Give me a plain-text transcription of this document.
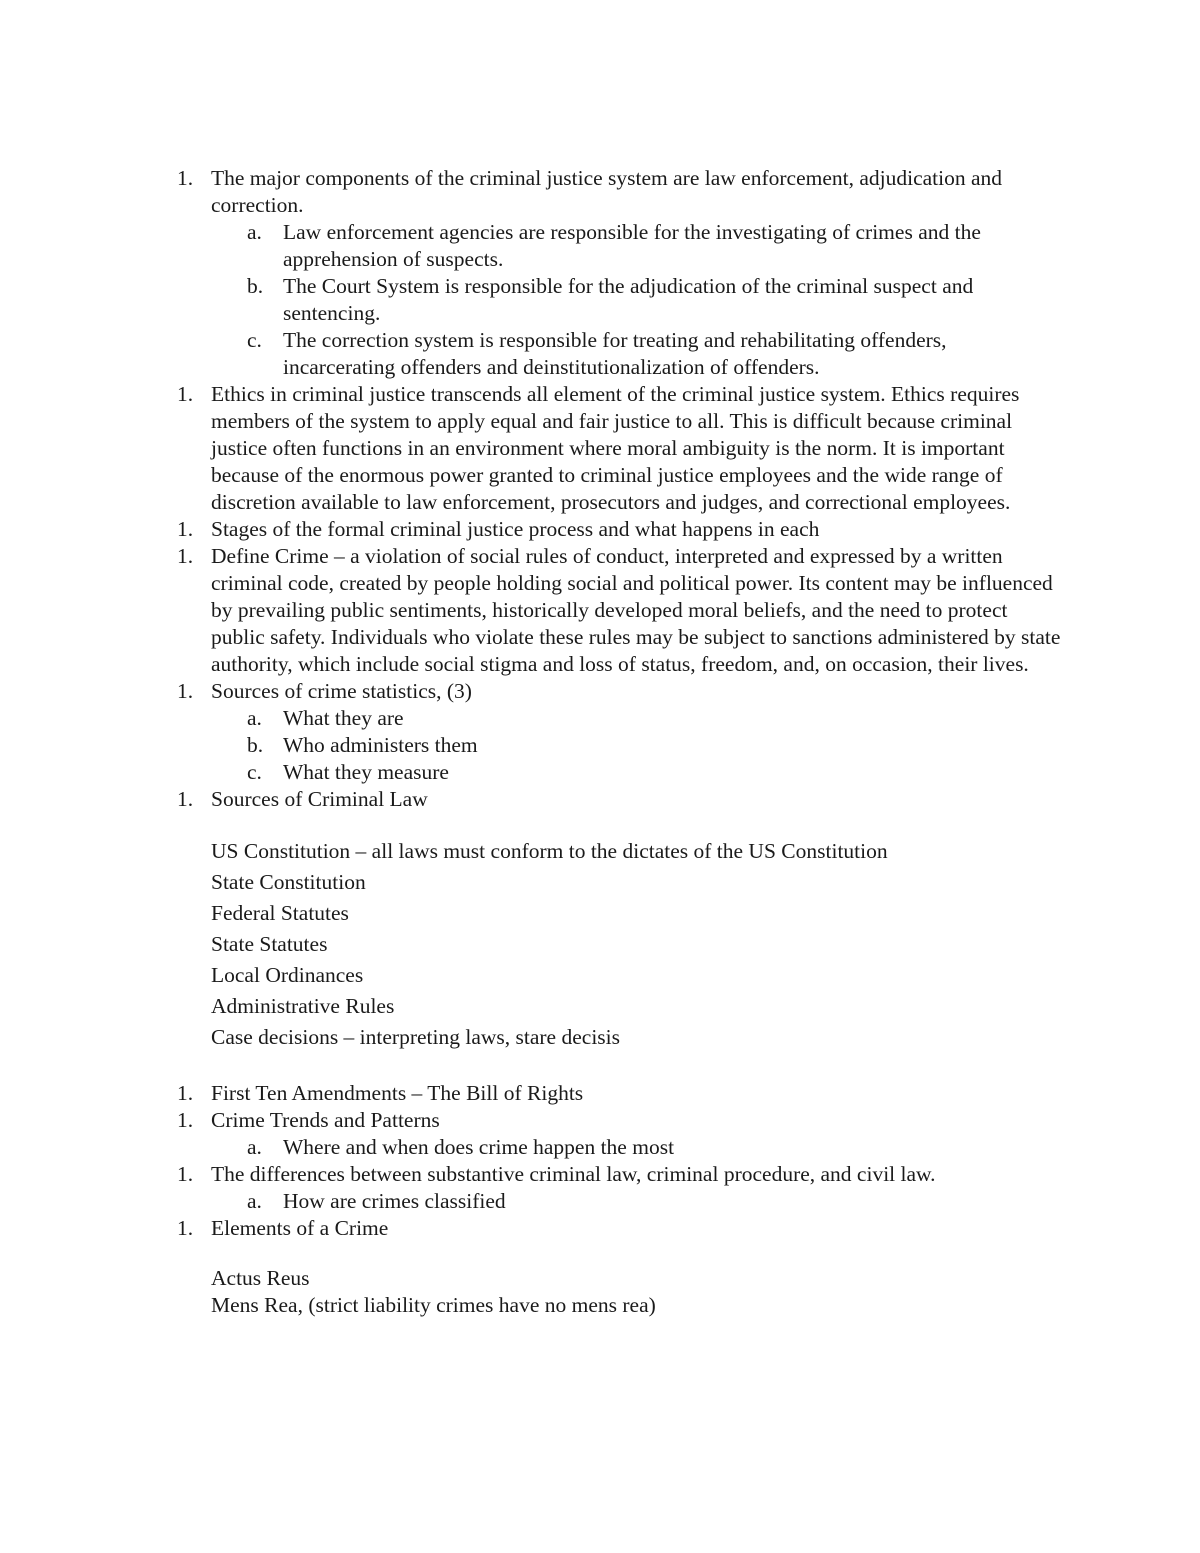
1. The major components of the criminal justice system are law enforcement, adjudication and correction.
a. Law enforcement agencies are responsible for the investigating of crimes and the apprehension of suspects.
b. The Court System is responsible for the adjudication of the criminal suspect and sentencing.
c. The correction system is responsible for treating and rehabilitating offenders, incarcerating offenders and deinstitutionalization of offenders.
1. Ethics in criminal justice transcends all element of the criminal justice system. Ethics requires members of the system to apply equal and fair justice to all. This is difficult because criminal justice often functions in an environment where moral ambiguity is the norm. It is important because of the enormous power granted to criminal justice employees and the wide range of discretion available to law enforcement, prosecutors and judges, and correctional employees.
1. Stages of the formal criminal justice process and what happens in each
1. Define Crime – a violation of social rules of conduct, interpreted and expressed by a written criminal code, created by people holding social and political power. Its content may be influenced by prevailing public sentiments, historically developed moral beliefs, and the need to protect public safety. Individuals who violate these rules may be subject to sanctions administered by state authority, which include social stigma and loss of status, freedom, and, on occasion, their lives.
1. Sources of crime statistics, (3)
a. What they are
b. Who administers them
c. What they measure
1. Sources of Criminal Law
US Constitution – all laws must conform to the dictates of the US Constitution
State Constitution
Federal Statutes
State Statutes
Local Ordinances
Administrative Rules
Case decisions – interpreting laws, stare decisis
1. First Ten Amendments – The Bill of Rights
1. Crime Trends and Patterns
a. Where and when does crime happen the most
1. The differences between substantive criminal law, criminal procedure, and civil law.
a. How are crimes classified
1. Elements of a Crime
Actus Reus
Mens Rea, (strict liability crimes have no mens rea)
